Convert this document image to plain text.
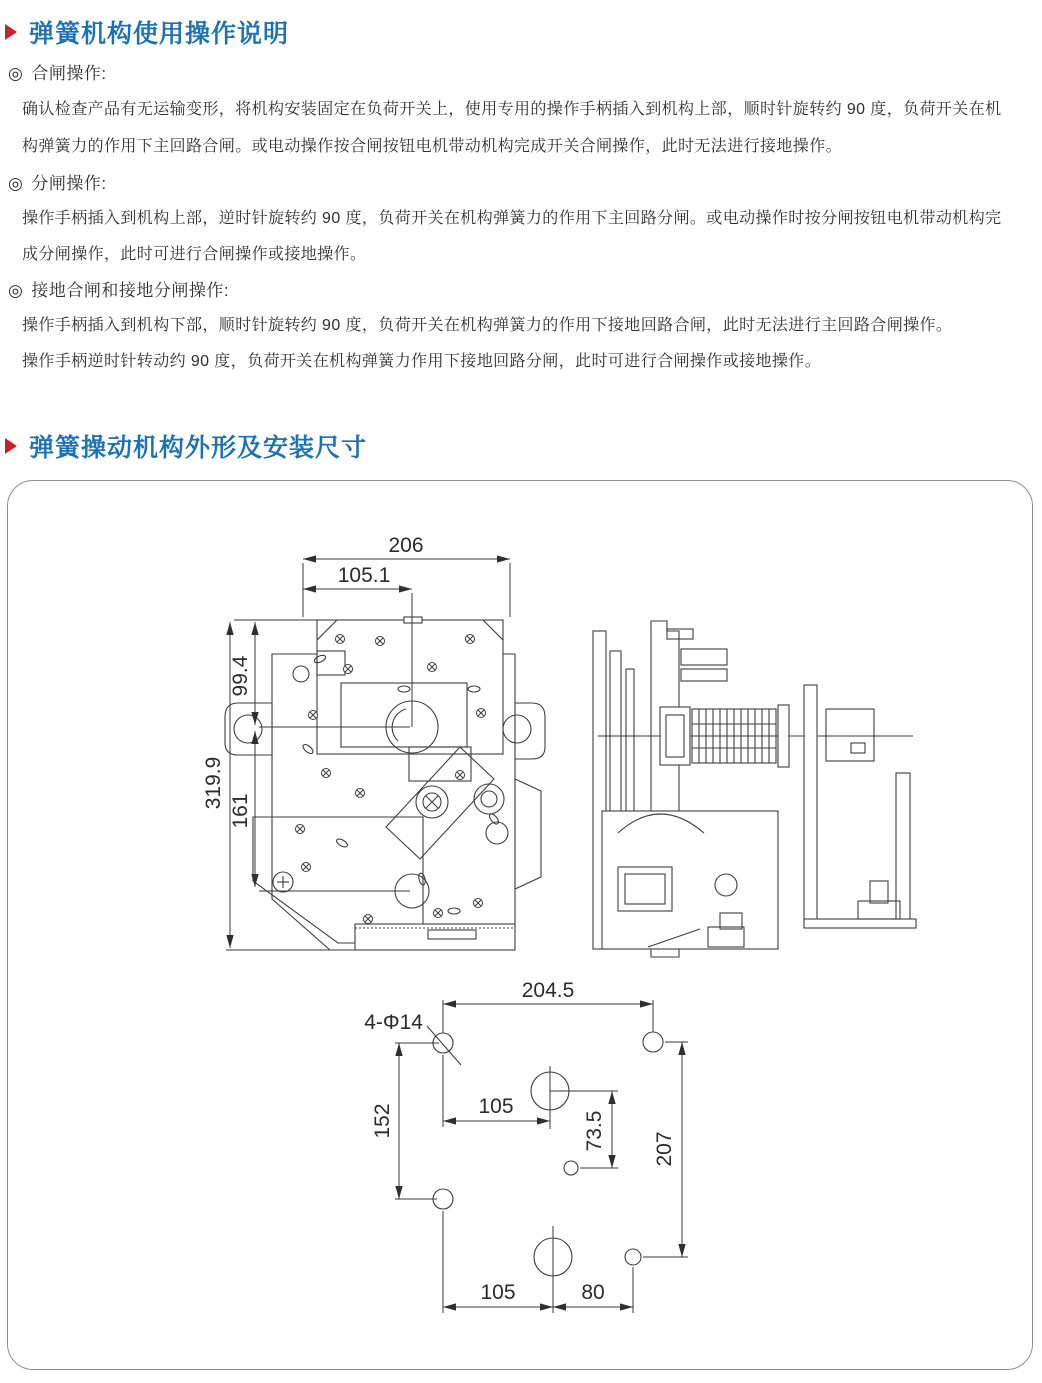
弹簧机构使用操作说明
◎ 合闸操作:
确认检查产品有无运输变形，将机构安装固定在负荷开关上，使用专用的操作手柄插入到机构上部，顺时针旋转约 90 度，负荷开关在机
构弹簧力的作用下主回路合闸。或电动操作按合闸按钮电机带动机构完成开关合闸操作，此时无法进行接地操作。
◎ 分闸操作:
操作手柄插入到机构上部，逆时针旋转约 90 度，负荷开关在机构弹簧力的作用下主回路分闸。或电动操作时按分闸按钮电机带动机构完
成分闸操作，此时可进行合闸操作或接地操作。
◎ 接地合闸和接地分闸操作:
操作手柄插入到机构下部，顺时针旋转约 90 度，负荷开关在机构弹簧力的作用下接地回路合闸，此时无法进行主回路合闸操作。
操作手柄逆时针转动约 90 度，负荷开关在机构弹簧力作用下接地回路分闸，此时可进行合闸操作或接地操作。
弹簧操动机构外形及安装尺寸
206
105.1
99.4
319.9
161
204.5
4-Φ14
152	105
73.5 207
105	80
